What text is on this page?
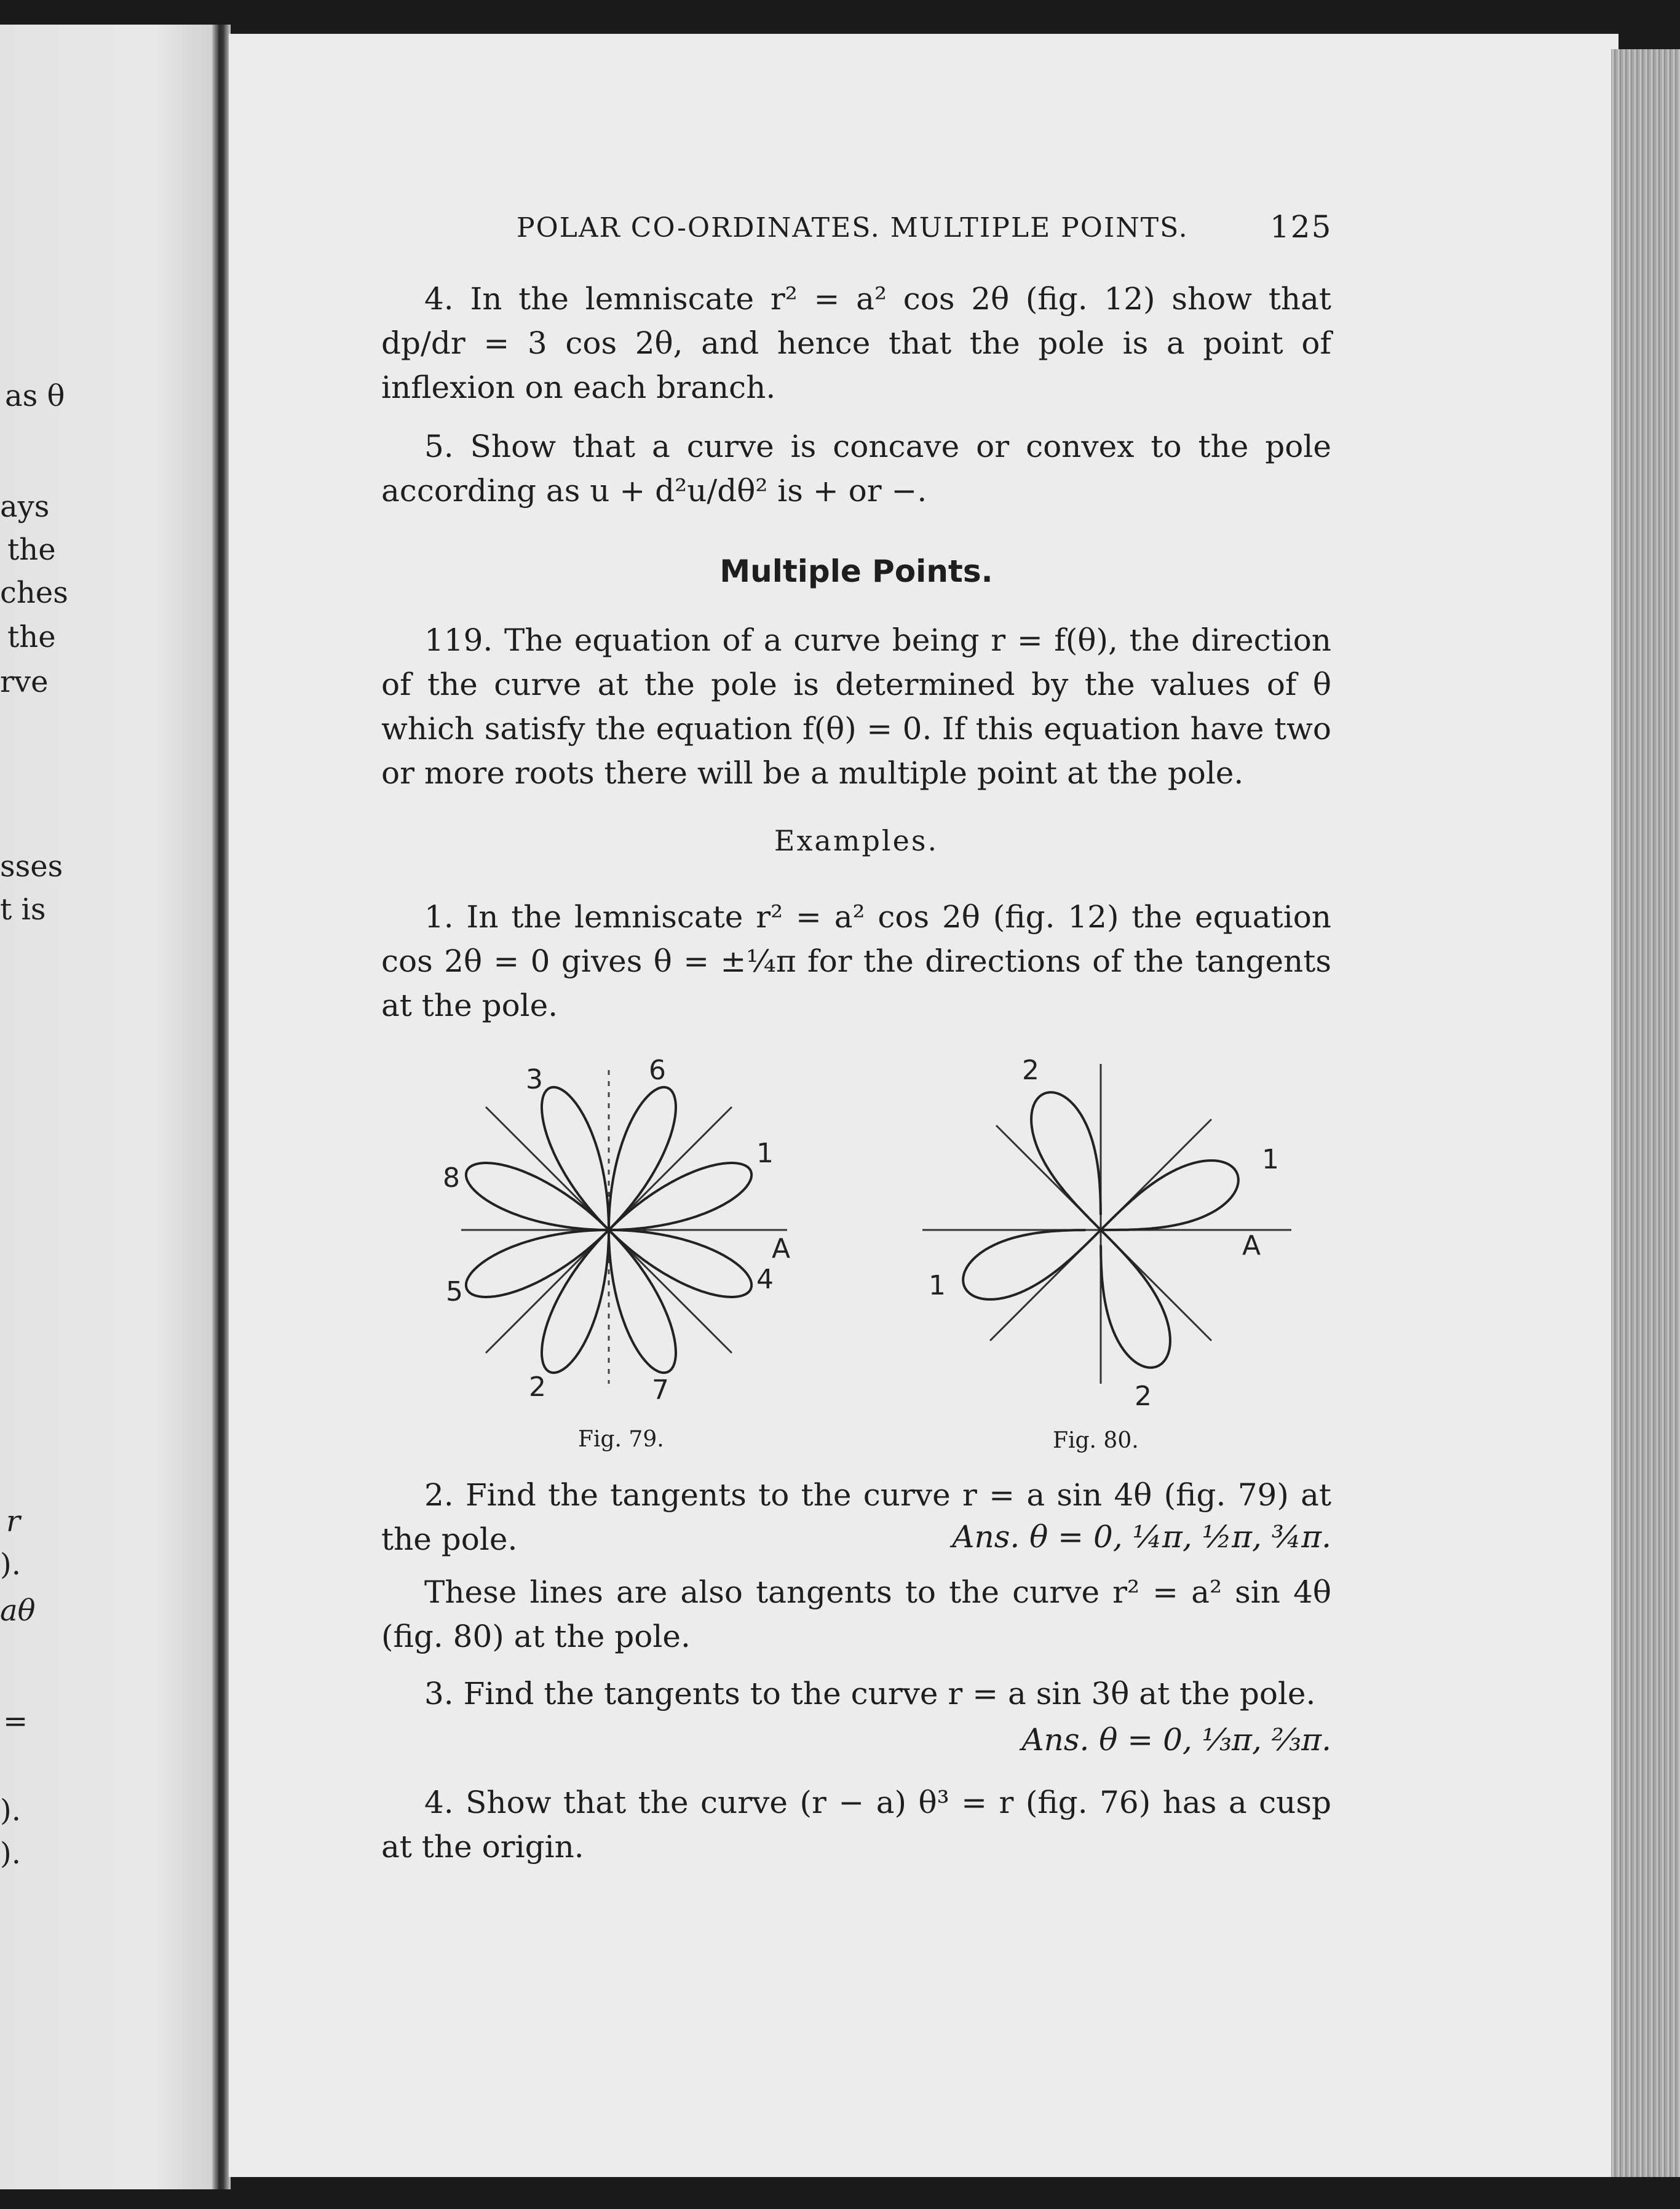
as θ
ays
the
ches
the
rve
sses
t is
r
).
aθ
=
).
).
POLAR CO-ORDINATES. MULTIPLE POINTS.	125

4. In the lemniscate r² = a² cos 2θ (fig. 12) show that dp/dr = 3 cos 2θ, and hence that the pole is a point of inflexion on each branch.

5. Show that a curve is concave or convex to the pole according as u + d²u/dθ² is + or −.

Multiple Points.

119. The equation of a curve being r = f(θ), the direction of the curve at the pole is determined by the values of θ which satisfy the equation f(θ) = 0. If this equation have two or more roots there will be a multiple point at the pole.

Examples.

1. In the lemniscate r² = a² cos 2θ (fig. 12) the equation cos 2θ = 0 gives θ = ±¼π for the directions of the tangents at the pole.

3	6
1
8
A
4
5
2	7
Fig. 79.
2
1
A
1
2
Fig. 80.

2. Find the tangents to the curve r = a sin 4θ (fig. 79) at the pole.	Ans. θ = 0, ¼π, ½π, ¾π.

These lines are also tangents to the curve r² = a² sin 4θ (fig. 80) at the pole.

3. Find the tangents to the curve r = a sin 3θ at the pole.

Ans. θ = 0, ⅓π, ⅔π.

4. Show that the curve (r − a) θ³ = r (fig. 76) has a cusp at the origin.
